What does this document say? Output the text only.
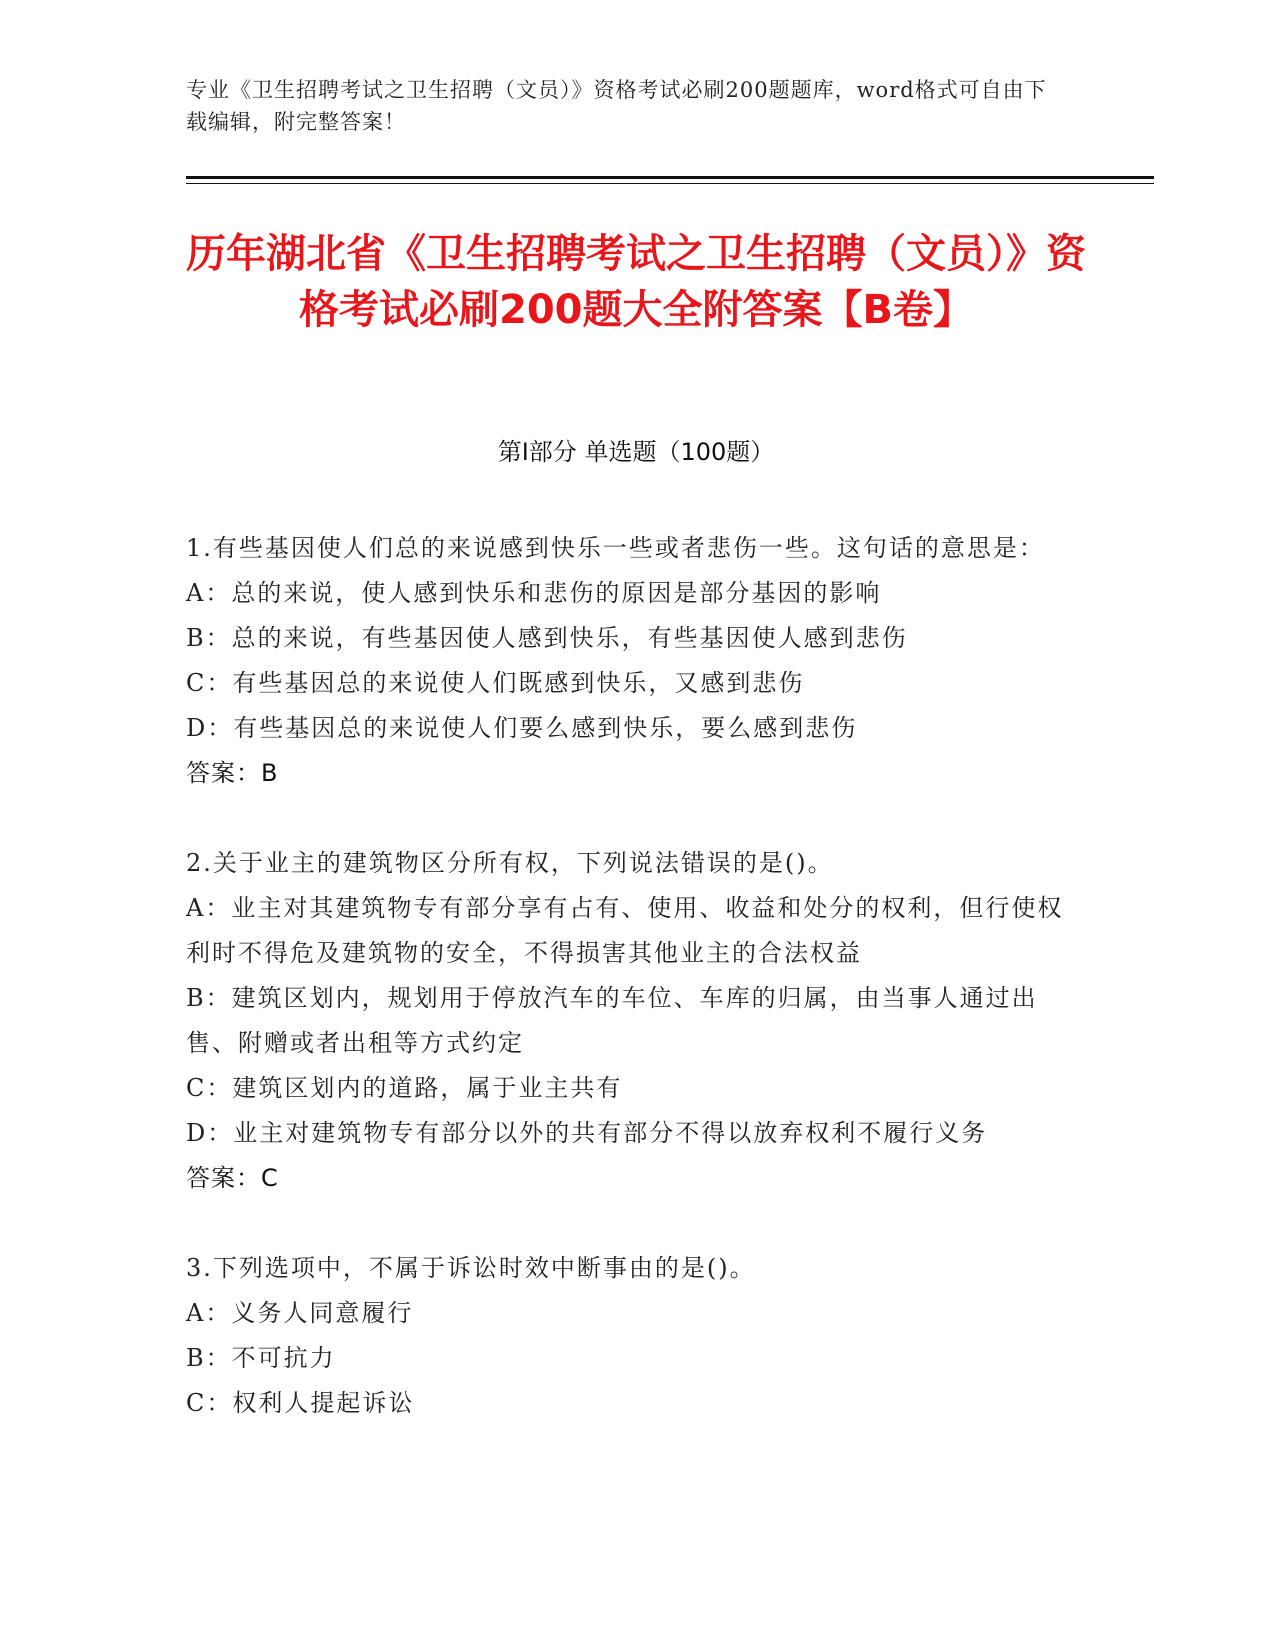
专业《卫生招聘考试之卫生招聘（文员）》资格考试必刷200题题库，word格式可自由下载编辑，附完整答案！
历年湖北省《卫生招聘考试之卫生招聘（文员）》资格考试必刷200题大全附答案【B卷】
第I部分 单选题（100题）

1.有些基因使人们总的来说感到快乐一些或者悲伤一些。这句话的意思是：

A：总的来说，使人感到快乐和悲伤的原因是部分基因的影响

B：总的来说，有些基因使人感到快乐，有些基因使人感到悲伤

C：有些基因总的来说使人们既感到快乐，又感到悲伤

D：有些基因总的来说使人们要么感到快乐，要么感到悲伤

答案：B

2.关于业主的建筑物区分所有权，下列说法错误的是()。

A：业主对其建筑物专有部分享有占有、使用、收益和处分的权利，但行使权利时不得危及建筑物的安全，不得损害其他业主的合法权益

B：建筑区划内，规划用于停放汽车的车位、车库的归属，由当事人通过出售、附赠或者出租等方式约定

C：建筑区划内的道路，属于业主共有

D：业主对建筑物专有部分以外的共有部分不得以放弃权利不履行义务

答案：C

3.下列选项中，不属于诉讼时效中断事由的是()。

A：义务人同意履行

B：不可抗力

C：权利人提起诉讼
